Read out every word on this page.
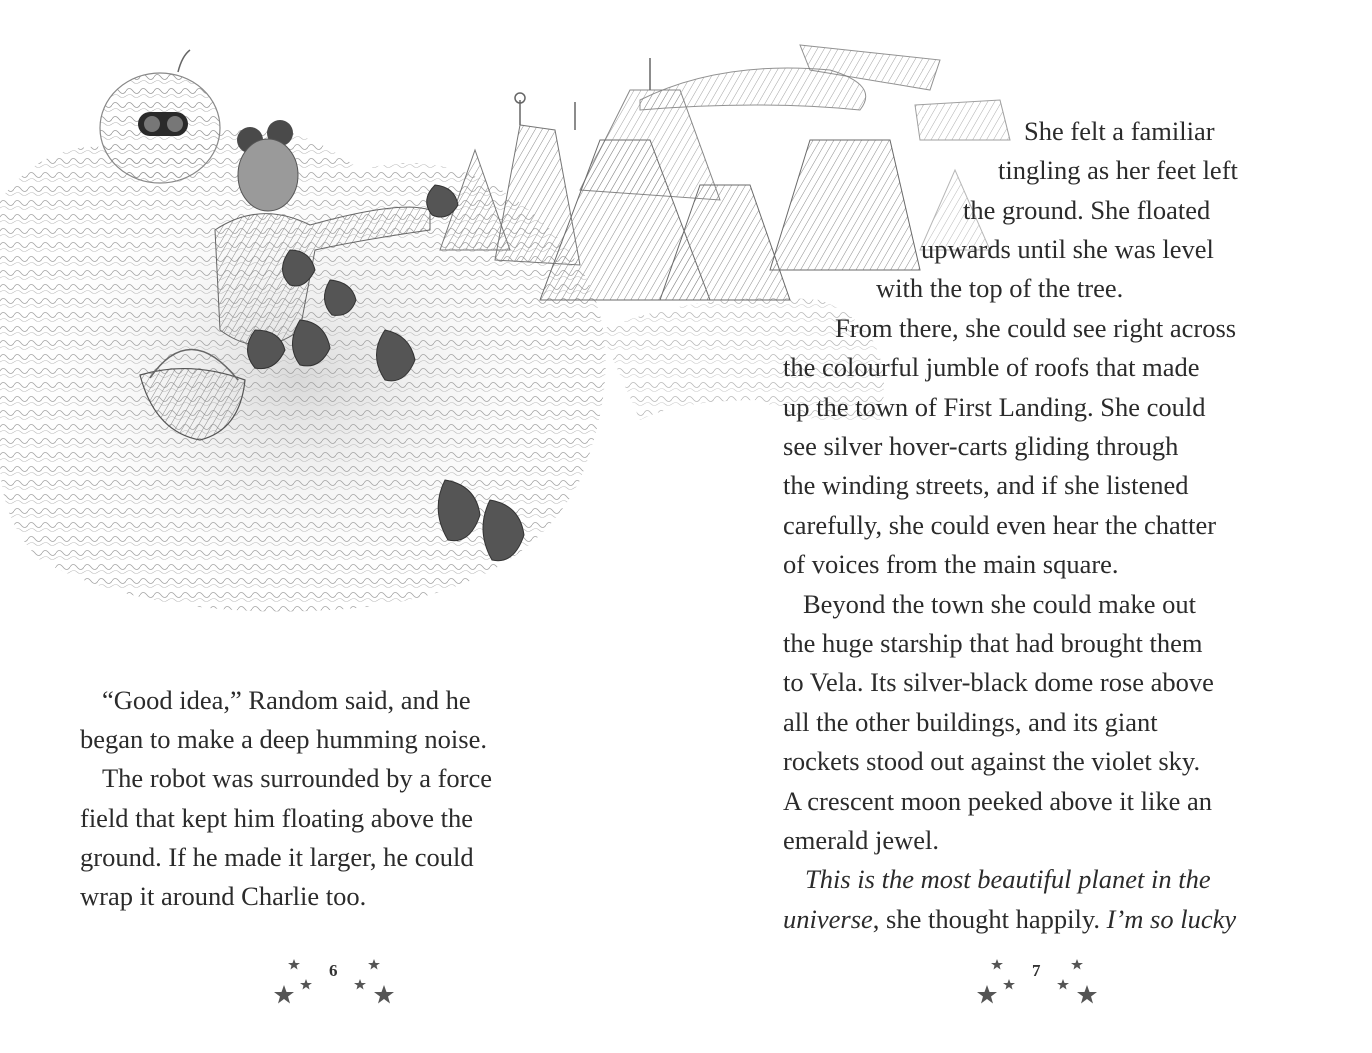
“Good idea,” Random said, and he
began to make a deep humming noise.
The robot was surrounded by a force
field that kept him floating above the
ground. If he made it larger, he could
wrap it around Charlie too.
6
She felt a familiar
tingling as her feet left
the ground. She floated
upwards until she was level
with the top of the tree.
From there, she could see right across
the colourful jumble of roofs that made
up the town of First Landing. She could
see silver hover-carts gliding through
the winding streets, and if she listened
carefully, she could even hear the chatter
of voices from the main square.
Beyond the town she could make out
the huge starship that had brought them
to Vela. Its silver-black dome rose above
all the other buildings, and its giant
rockets stood out against the violet sky.
A crescent moon peeked above it like an
emerald jewel.
This is the most beautiful planet in the
universe, she thought happily. I’m so lucky
7
